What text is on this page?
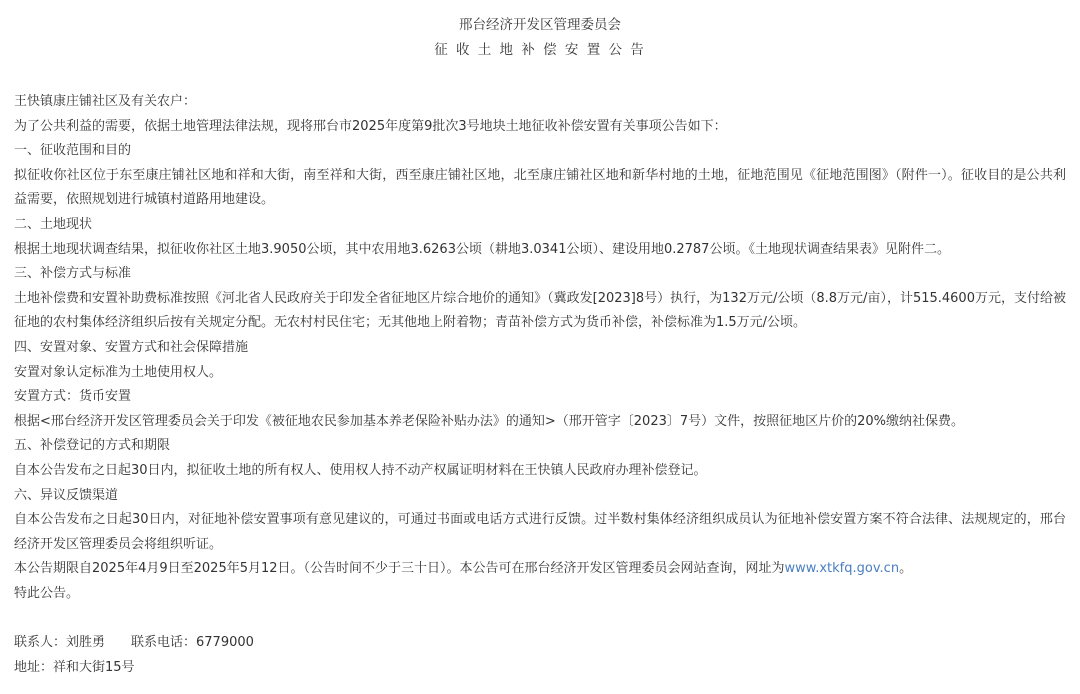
邢台经济开发区管理委员会
征 收 土 地 补 偿 安 置 公 告
王快镇康庄铺社区及有关农户：
为了公共利益的需要，依据土地管理法律法规，现将邢台市2025年度第9批次3号地块土地征收补偿安置有关事项公告如下：
一、征收范围和目的
拟征收你社区位于东至康庄铺社区地和祥和大街，南至祥和大街，西至康庄铺社区地，北至康庄铺社区地和新华村地的土地，征地范围见《征地范围图》（附件一）。征收目的是公共利益需要，依照规划进行城镇村道路用地建设。
二、土地现状
根据土地现状调查结果，拟征收你社区土地3.9050公顷，其中农用地3.6263公顷（耕地3.0341公顷）、建设用地0.2787公顷。《土地现状调查结果表》见附件二。
三、补偿方式与标准
土地补偿费和安置补助费标准按照《河北省人民政府关于印发全省征地区片综合地价的通知》（冀政发[2023]8号）执行，为132万元/公顷（8.8万元/亩），计515.4600万元，支付给被征地的农村集体经济组织后按有关规定分配。无农村村民住宅；无其他地上附着物；青苗补偿方式为货币补偿，补偿标准为1.5万元/公顷。
四、安置对象、安置方式和社会保障措施
安置对象认定标准为土地使用权人。
安置方式：货币安置
根据<邢台经济开发区管理委员会关于印发《被征地农民参加基本养老保险补贴办法》的通知>（邢开管字〔2023〕7号）文件，按照征地区片价的20%缴纳社保费。
五、补偿登记的方式和期限
自本公告发布之日起30日内，拟征收土地的所有权人、使用权人持不动产权属证明材料在王快镇人民政府办理补偿登记。
六、异议反馈渠道
自本公告发布之日起30日内，对征地补偿安置事项有意见建议的，可通过书面或电话方式进行反馈。过半数村集体经济组织成员认为征地补偿安置方案不符合法律、法规规定的，邢台经济开发区管理委员会将组织听证。
本公告期限自2025年4月9日至2025年5月12日。（公告时间不少于三十日）。本公告可在邢台经济开发区管理委员会网站查询，网址为www.xtkfq.gov.cn。
特此公告。
联系人：刘胜勇 联系电话：6779000
地址：祥和大街15号
